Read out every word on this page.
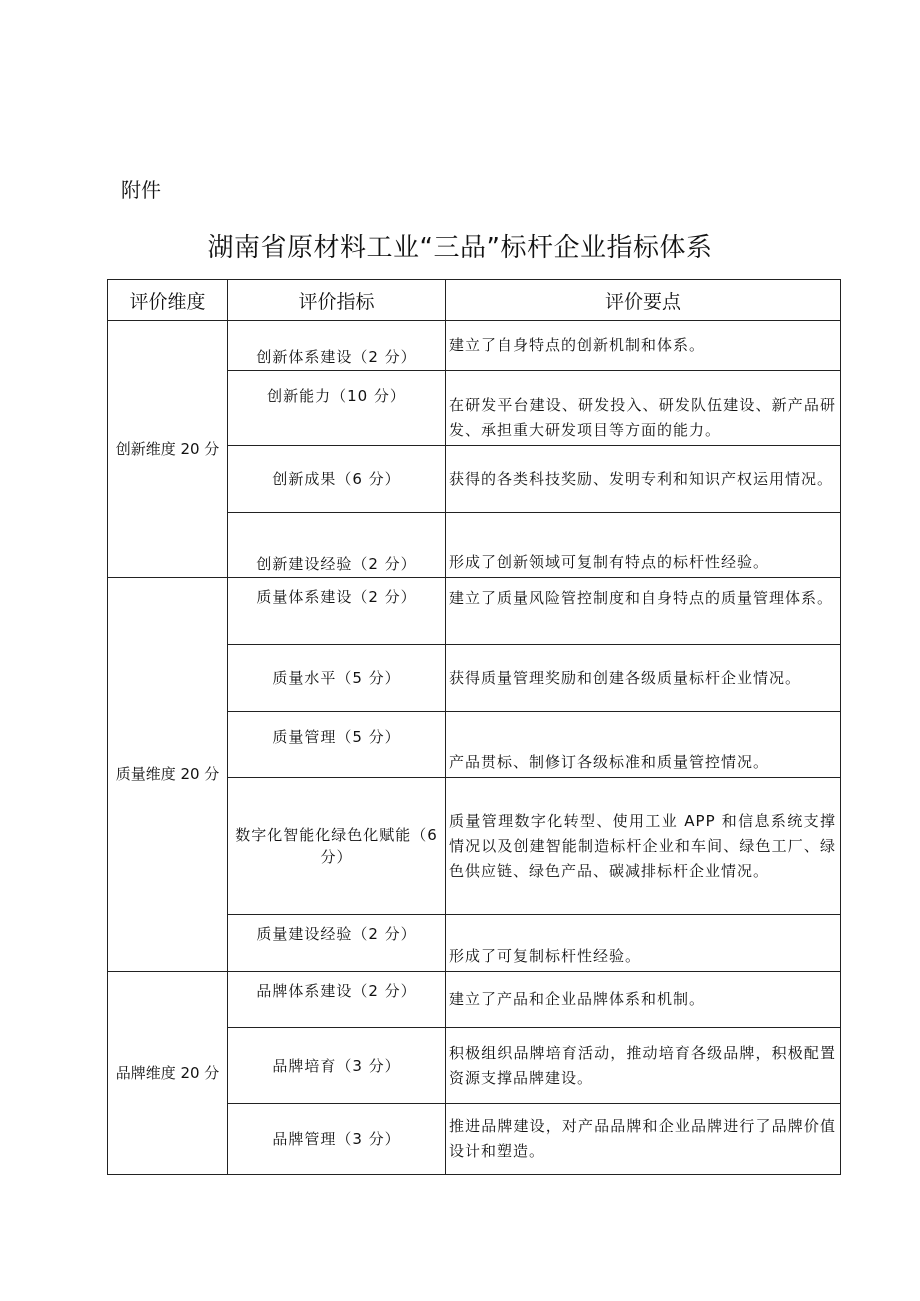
附件
湖南省原材料工业“三品”标杆企业指标体系
评价维度	评价指标	评价要点
创新维度 20 分	创新体系建设（2 分）	建立了自身特点的创新机制和体系。
	创新能力（10 分）	在研发平台建设、研发投入、研发队伍建设、新产品研发、承担重大研发项目等方面的能力。
	创新成果（6 分）	获得的各类科技奖励、发明专利和知识产权运用情况。
	创新建设经验（2 分）	形成了创新领域可复制有特点的标杆性经验。
质量维度 20 分	质量体系建设（2 分）	建立了质量风险管控制度和自身特点的质量管理体系。
	质量水平（5 分）	获得质量管理奖励和创建各级质量标杆企业情况。
	质量管理（5 分）	产品贯标、制修订各级标准和质量管控情况。
	数字化智能化绿色化赋能（6 分）	质量管理数字化转型、使用工业 APP 和信息系统支撑情况以及创建智能制造标杆企业和车间、绿色工厂、绿色供应链、绿色产品、碳减排标杆企业情况。
	质量建设经验（2 分）	形成了可复制标杆性经验。
品牌维度 20 分	品牌体系建设（2 分）	建立了产品和企业品牌体系和机制。
	品牌培育（3 分）	积极组织品牌培育活动，推动培育各级品牌，积极配置资源支撑品牌建设。
	品牌管理（3 分）	推进品牌建设，对产品品牌和企业品牌进行了品牌价值设计和塑造。
